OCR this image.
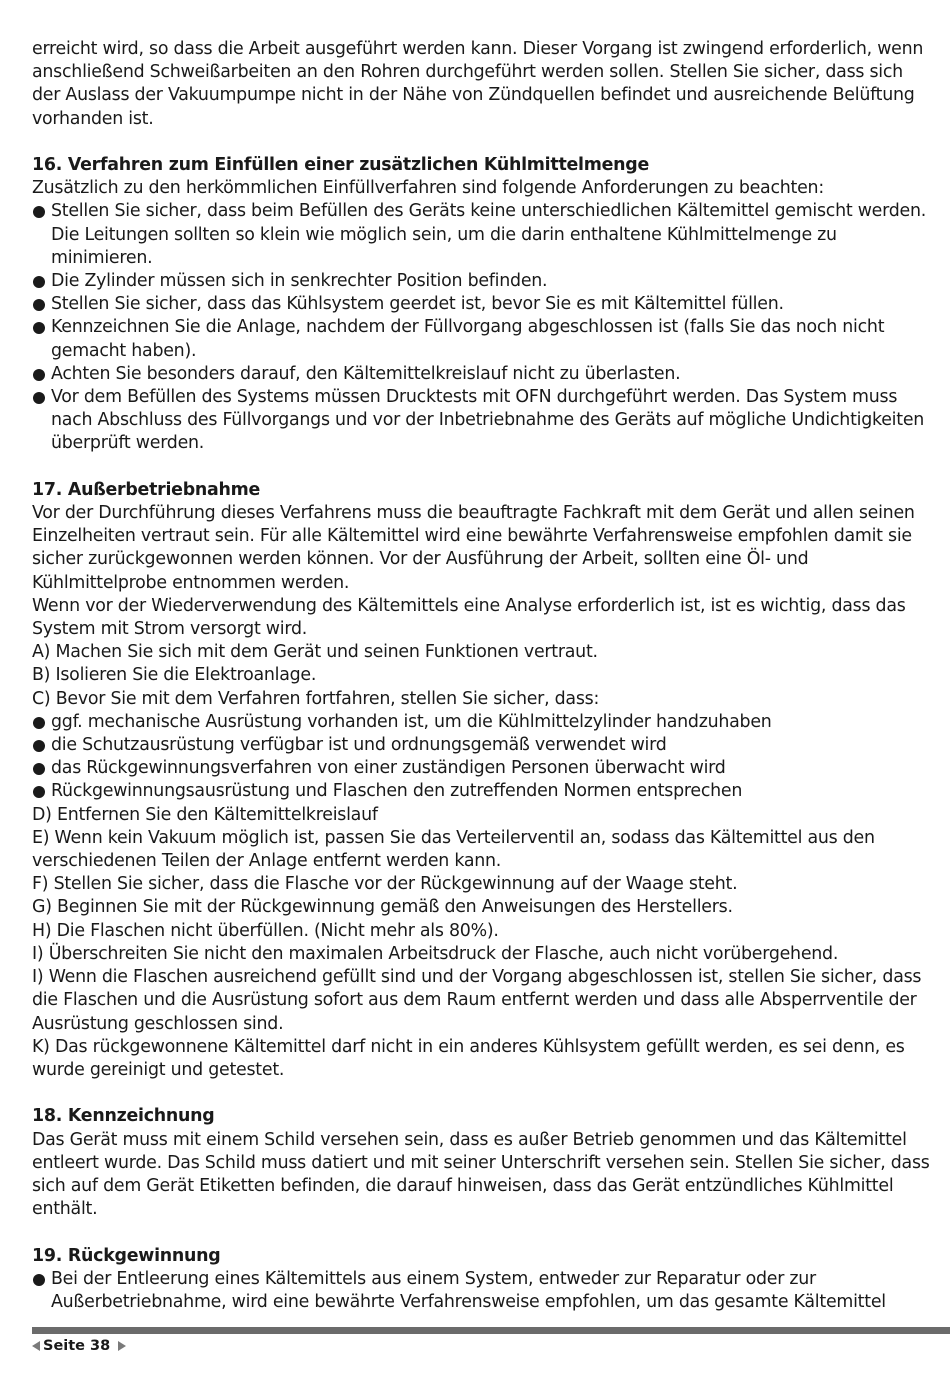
erreicht wird, so dass die Arbeit ausgeführt werden kann. Dieser Vorgang ist zwingend erforderlich, wenn anschließend Schweißarbeiten an den Rohren durchgeführt werden sollen. Stellen Sie sicher, dass sich der Auslass der Vakuumpumpe nicht in der Nähe von Zündquellen befindet und ausreichende Belüftung vorhanden ist.

16. Verfahren zum Einfüllen einer zusätzlichen Kühlmittelmenge

Zusätzlich zu den herkömmlichen Einfüllverfahren sind folgende Anforderungen zu beachten:

Stellen Sie sicher, dass beim Befüllen des Geräts keine unterschiedlichen Kältemittel gemischt werden. Die Leitungen sollten so klein wie möglich sein, um die darin enthaltene Kühlmittelmenge zu minimieren.
Die Zylinder müssen sich in senkrechter Position befinden.
Stellen Sie sicher, dass das Kühlsystem geerdet ist, bevor Sie es mit Kältemittel füllen.
Kennzeichnen Sie die Anlage, nachdem der Füllvorgang abgeschlossen ist (falls Sie das noch nicht gemacht haben).
Achten Sie besonders darauf, den Kältemittelkreislauf nicht zu überlasten.
Vor dem Befüllen des Systems müssen Drucktests mit OFN durchgeführt werden. Das System muss nach Abschluss des Füllvorgangs und vor der Inbetriebnahme des Geräts auf mögliche Undichtigkeiten überprüft werden.

17. Außerbetriebnahme

Vor der Durchführung dieses Verfahrens muss die beauftragte Fachkraft mit dem Gerät und allen seinen Einzelheiten vertraut sein. Für alle Kältemittel wird eine bewährte Verfahrensweise empfohlen damit sie sicher zurückgewonnen werden können. Vor der Ausführung der Arbeit, sollten eine Öl- und Kühlmittelprobe entnommen werden.

Wenn vor der Wiederverwendung des Kältemittels eine Analyse erforderlich ist, ist es wichtig, dass das System mit Strom versorgt wird.

A) Machen Sie sich mit dem Gerät und seinen Funktionen vertraut.

B) Isolieren Sie die Elektroanlage.

C) Bevor Sie mit dem Verfahren fortfahren, stellen Sie sicher, dass:

ggf. mechanische Ausrüstung vorhanden ist, um die Kühlmittelzylinder handzuhaben
die Schutzausrüstung verfügbar ist und ordnungsgemäß verwendet wird
das Rückgewinnungsverfahren von einer zuständigen Personen überwacht wird
Rückgewinnungsausrüstung und Flaschen den zutreffenden Normen entsprechen

D) Entfernen Sie den Kältemittelkreislauf

E) Wenn kein Vakuum möglich ist, passen Sie das Verteilerventil an, sodass das Kältemittel aus den verschiedenen Teilen der Anlage entfernt werden kann.

F) Stellen Sie sicher, dass die Flasche vor der Rückgewinnung auf der Waage steht.

G) Beginnen Sie mit der Rückgewinnung gemäß den Anweisungen des Herstellers.

H) Die Flaschen nicht überfüllen. (Nicht mehr als 80%).

I) Überschreiten Sie nicht den maximalen Arbeitsdruck der Flasche, auch nicht vorübergehend.

I) Wenn die Flaschen ausreichend gefüllt sind und der Vorgang abgeschlossen ist, stellen Sie sicher, dass die Flaschen und die Ausrüstung sofort aus dem Raum entfernt werden und dass alle Absperrventile der Ausrüstung geschlossen sind.

K) Das rückgewonnene Kältemittel darf nicht in ein anderes Kühlsystem gefüllt werden, es sei denn, es wurde gereinigt und getestet.

18. Kennzeichnung

Das Gerät muss mit einem Schild versehen sein, dass es außer Betrieb genommen und das Kältemittel entleert wurde. Das Schild muss datiert und mit seiner Unterschrift versehen sein. Stellen Sie sicher, dass sich auf dem Gerät Etiketten befinden, die darauf hinweisen, dass das Gerät entzündliches Kühlmittel enthält.

19. Rückgewinnung

Bei der Entleerung eines Kältemittels aus einem System, entweder zur Reparatur oder zur Außerbetriebnahme, wird eine bewährte Verfahrensweise empfohlen, um das gesamte Kältemittel
Seite 38
